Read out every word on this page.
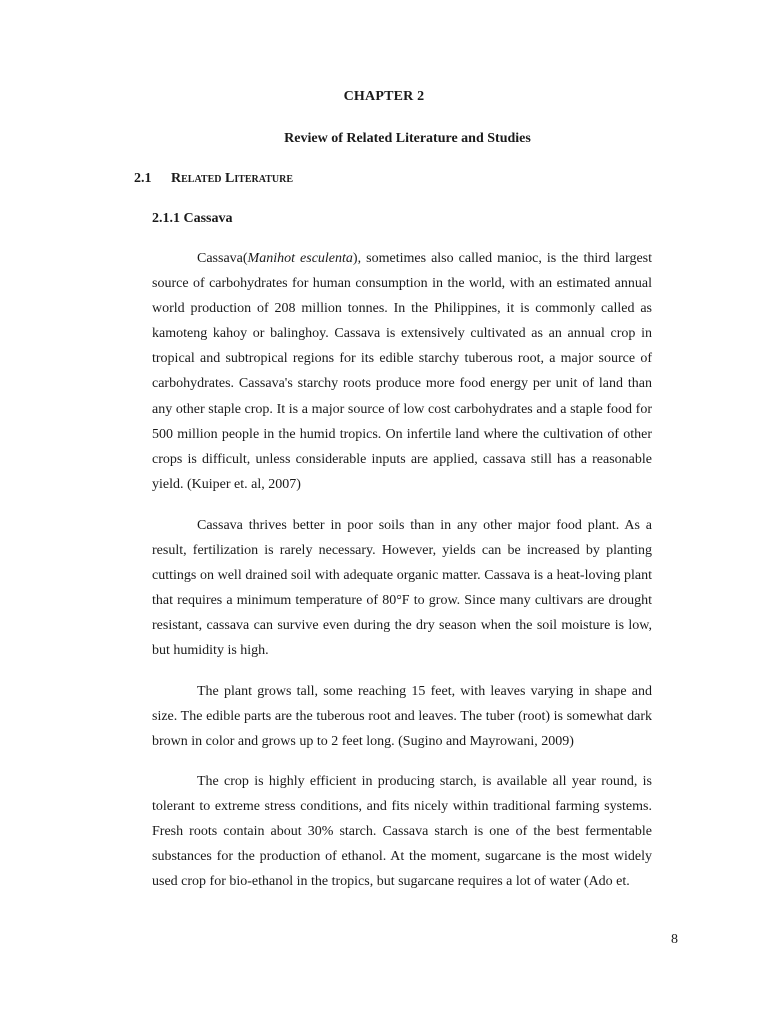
CHAPTER 2
Review of Related Literature and Studies
2.1 Related Literature
2.1.1 Cassava

Cassava(Manihot esculenta), sometimes also called manioc, is the third largest source of carbohydrates for human consumption in the world, with an estimated annual world production of 208 million tonnes. In the Philippines, it is commonly called as kamoteng kahoy or balinghoy. Cassava is extensively cultivated as an annual crop in tropical and subtropical regions for its edible starchy tuberous root, a major source of carbohydrates. Cassava's starchy roots produce more food energy per unit of land than any other staple crop. It is a major source of low cost carbohydrates and a staple food for 500 million people in the humid tropics. On infertile land where the cultivation of other crops is difficult, unless considerable inputs are applied, cassava still has a reasonable yield. (Kuiper et. al, 2007)

Cassava thrives better in poor soils than in any other major food plant. As a result, fertilization is rarely necessary. However, yields can be increased by planting cuttings on well drained soil with adequate organic matter. Cassava is a heat-loving plant that requires a minimum temperature of 80°F to grow. Since many cultivars are drought resistant, cassava can survive even during the dry season when the soil moisture is low, but humidity is high.

The plant grows tall, some reaching 15 feet, with leaves varying in shape and size. The edible parts are the tuberous root and leaves. The tuber (root) is somewhat dark brown in color and grows up to 2 feet long. (Sugino and Mayrowani, 2009)

The crop is highly efficient in producing starch, is available all year round, is tolerant to extreme stress conditions, and fits nicely within traditional farming systems. Fresh roots contain about 30% starch. Cassava starch is one of the best fermentable substances for the production of ethanol. At the moment, sugarcane is the most widely used crop for bio-ethanol in the tropics, but sugarcane requires a lot of water (Ado et.

8
